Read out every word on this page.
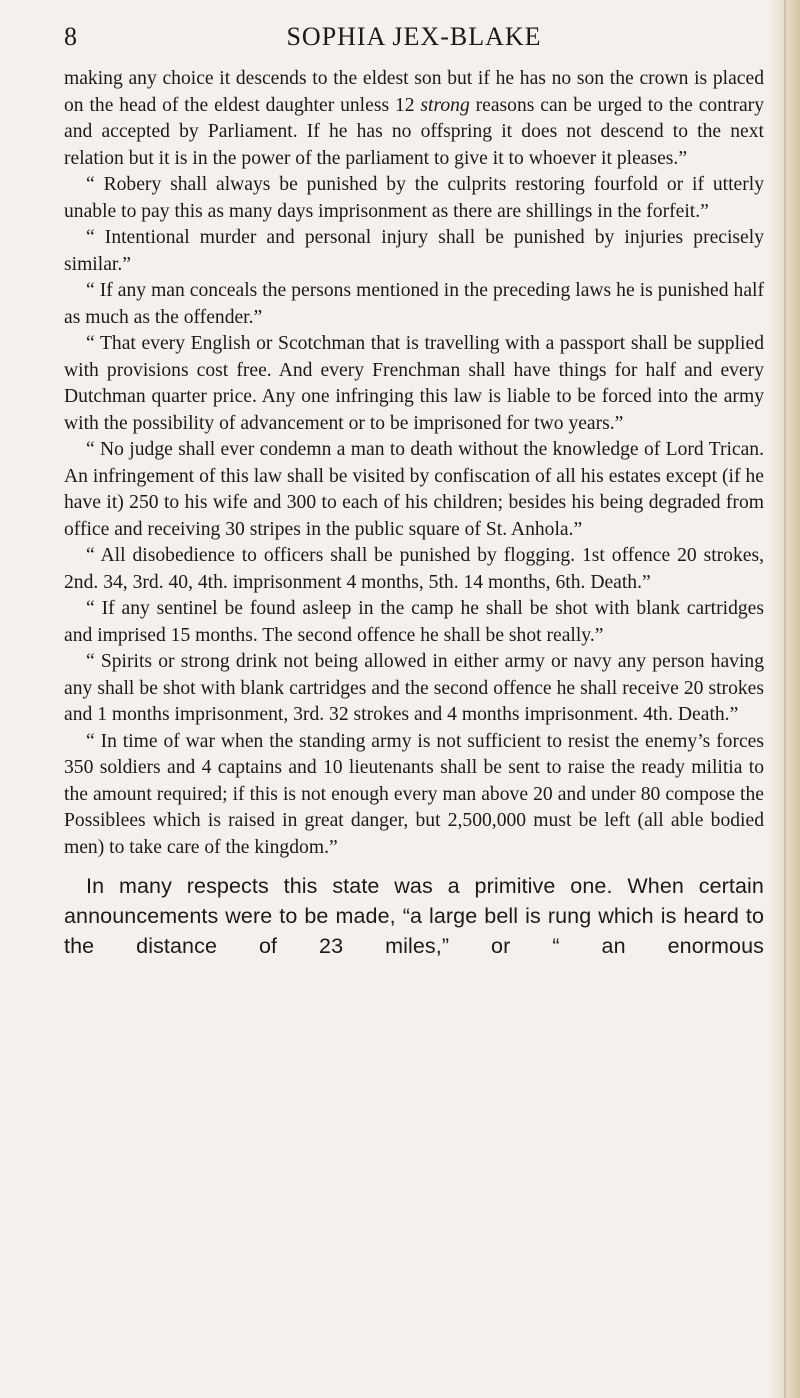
SOPHIA JEX-BLAKE
8

making any choice it descends to the eldest son but if he has no son the crown is placed on the head of the eldest daughter unless 12 strong reasons can be urged to the contrary and accepted by Parliament. If he has no offspring it does not descend to the next relation but it is in the power of the parliament to give it to whoever it pleases.”

“ Robery shall always be punished by the culprits restoring fourfold or if utterly unable to pay this as many days imprisonment as there are shillings in the forfeit.”

“ Intentional murder and personal injury shall be punished by injuries precisely similar.”

“ If any man conceals the persons mentioned in the preceding laws he is punished half as much as the offender.”

“ That every English or Scotchman that is travelling with a passport shall be supplied with provisions cost free. And every Frenchman shall have things for half and every Dutchman quarter price. Any one infringing this law is liable to be forced into the army with the possibility of advancement or to be imprisoned for two years.”

“ No judge shall ever condemn a man to death without the knowledge of Lord Trican. An infringement of this law shall be visited by confiscation of all his estates except (if he have it) 250 to his wife and 300 to each of his children; besides his being degraded from office and receiving 30 stripes in the public square of St. Anhola.”

“ All disobedience to officers shall be punished by flogging. 1st offence 20 strokes, 2nd. 34, 3rd. 40, 4th. imprisonment 4 months, 5th. 14 months, 6th. Death.”

“ If any sentinel be found asleep in the camp he shall be shot with blank cartridges and imprised 15 months. The second offence he shall be shot really.”

“ Spirits or strong drink not being allowed in either army or navy any person having any shall be shot with blank cartridges and the second offence he shall receive 20 strokes and 1 months imprisonment, 3rd. 32 strokes and 4 months imprisonment. 4th. Death.”

“ In time of war when the standing army is not sufficient to resist the enemy’s forces 350 soldiers and 4 captains and 10 lieutenants shall be sent to raise the ready militia to the amount required; if this is not enough every man above 20 and under 80 compose the Possiblees which is raised in great danger, but 2,500,000 must be left (all able bodied men) to take care of the kingdom.”

In many respects this state was a primitive one. When certain announcements were to be made, “a large bell is rung which is heard to the distance of 23 miles,” or “ an enormous
